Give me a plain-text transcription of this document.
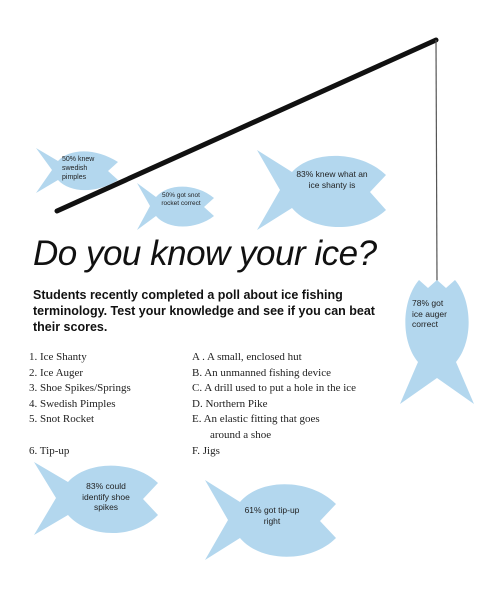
50% knew swedish pimples
50% got snot rocket correct
83% knew what an ice shanty is
78% got ice auger correct
83% could identify shoe spikes	61% got tip-up right
Do you know your ice?
Students recently completed a poll about ice fishing terminology. Test your knowledge and see if you can beat their scores.
1. Ice Shanty
2. Ice Auger
3. Shoe Spikes/Springs
4. Swedish Pimples
5. Snot Rocket
6. Tip-up
A . A small, enclosed hut
B. An unmanned fishing device
C. A drill used to put a hole in the ice
D. Northern Pike
E. An elastic fitting that goes
around a shoe
F. Jigs
